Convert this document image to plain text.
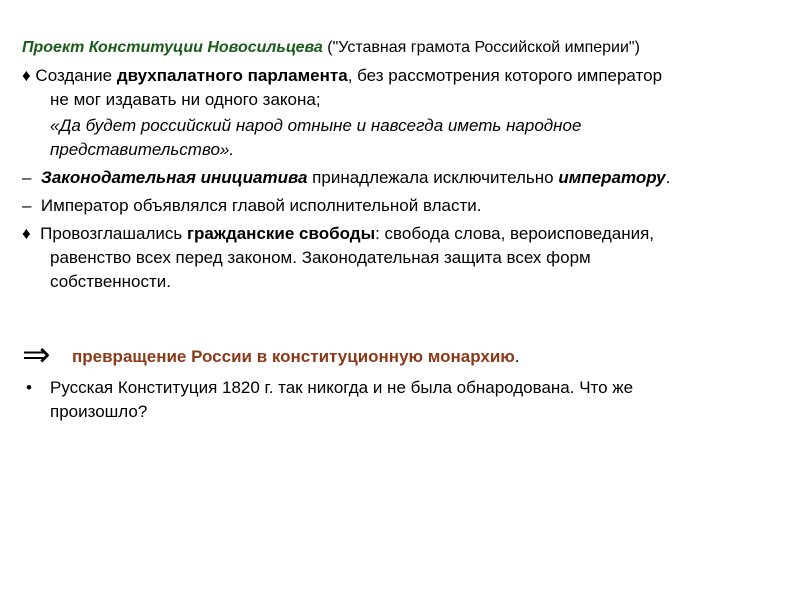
Проект Конституции Новосильцева ("Уставная грамота Российской империи")
♦ Создание двухпалатного парламента, без рассмотрения которого император
не мог издавать ни одного закона;
«Да будет российский народ отныне и навсегда иметь народное
представительство».
– Законодательная инициатива принадлежала исключительно императору.
– Император объявлялся главой исполнительной власти.
♦  Провозглашались гражданские свободы: свобода слова, вероисповедания,
равенство всех перед законом. Законодательная защита всех форм
собственности.
⇒ превращение России в конституционную монархию.
• Русская Конституция 1820 г. так никогда и не была обнародована. Что же
произошло?
